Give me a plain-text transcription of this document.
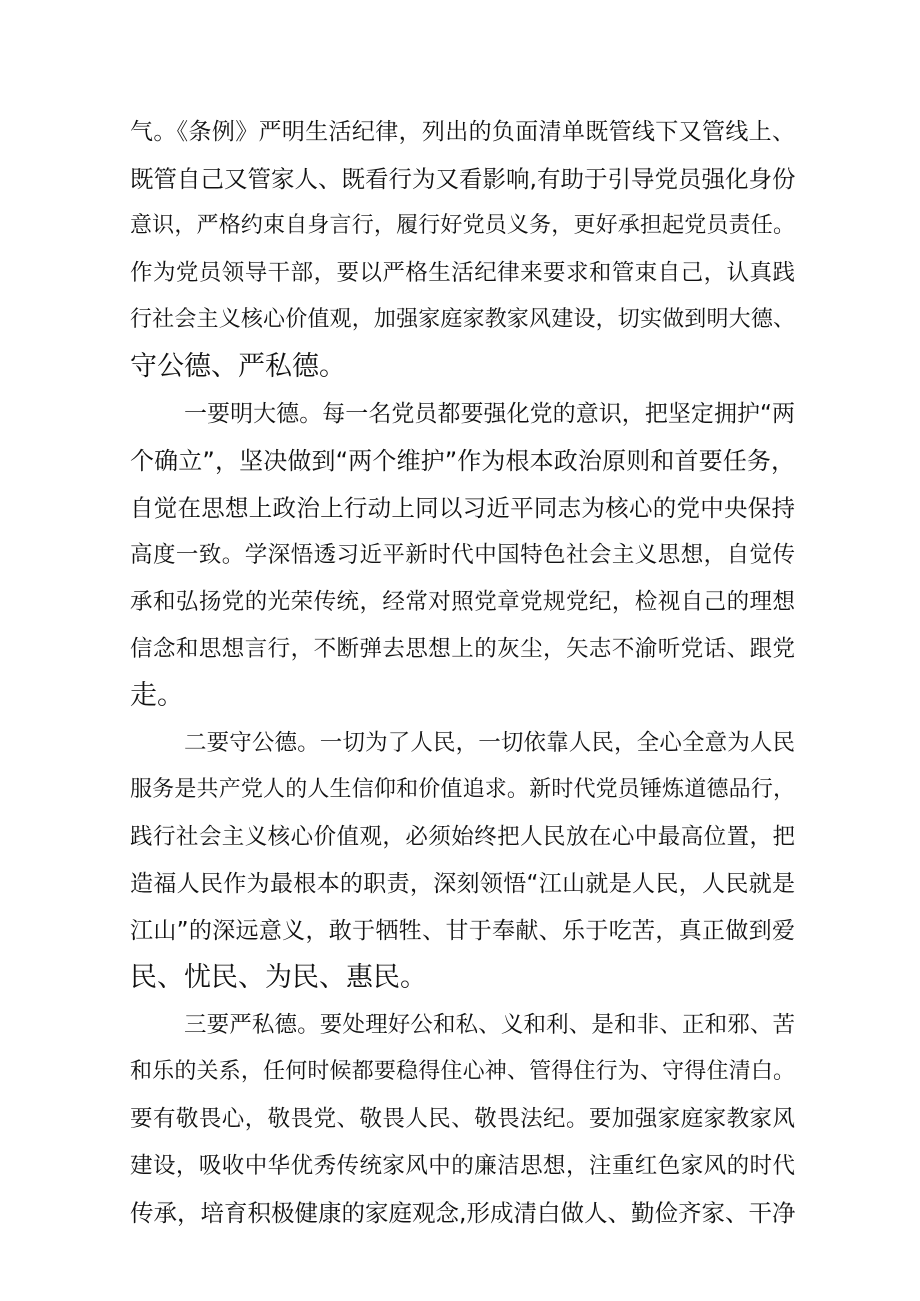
气。《条例》严明生活纪律，列出的负面清单既管线下又管线上、
既管自己又管家人、既看行为又看影响,有助于引导党员强化身份
意识，严格约束自身言行，履行好党员义务，更好承担起党员责任。
作为党员领导干部，要以严格生活纪律来要求和管束自己，认真践
行社会主义核心价值观，加强家庭家教家风建设，切实做到明大德、
守公德、严私德。
一要明大德。每一名党员都要强化党的意识，把坚定拥护“两
个确立”，坚决做到“两个维护”作为根本政治原则和首要任务，
自觉在思想上政治上行动上同以习近平同志为核心的党中央保持
高度一致。学深悟透习近平新时代中国特色社会主义思想，自觉传
承和弘扬党的光荣传统，经常对照党章党规党纪，检视自己的理想
信念和思想言行，不断弹去思想上的灰尘，矢志不渝听党话、跟党
走。
二要守公德。一切为了人民，一切依靠人民，全心全意为人民
服务是共产党人的人生信仰和价值追求。新时代党员锤炼道德品行，
践行社会主义核心价值观，必须始终把人民放在心中最高位置，把
造福人民作为最根本的职责，深刻领悟“江山就是人民，人民就是
江山”的深远意义，敢于牺牲、甘于奉献、乐于吃苦，真正做到爱
民、忧民、为民、惠民。
三要严私德。要处理好公和私、义和利、是和非、正和邪、苦
和乐的关系，任何时候都要稳得住心神、管得住行为、守得住清白。
要有敬畏心，敬畏党、敬畏人民、敬畏法纪。要加强家庭家教家风
建设，吸收中华优秀传统家风中的廉洁思想，注重红色家风的时代
传承，培育积极健康的家庭观念,形成清白做人、勤俭齐家、干净
